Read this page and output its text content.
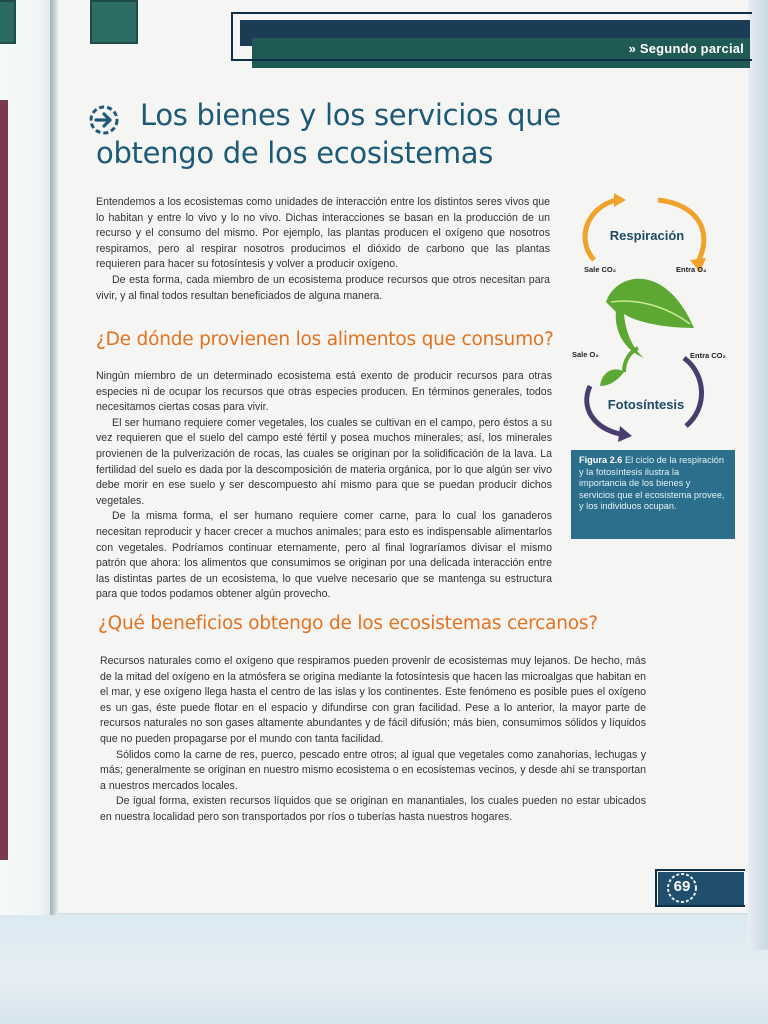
» Segundo parcial
Los bienes y los servicios que obtengo de los ecosistemas

Entendemos a los ecosistemas como unidades de interacción entre los distintos seres vivos que lo habitan y entre lo vivo y lo no vivo. Dichas interacciones se basan en la producción de un recurso y el consumo del mismo. Por ejemplo, las plantas producen el oxígeno que nosotros respiramos, pero al respirar nosotros producimos el dióxido de carbono que las plantas requieren para hacer su fotosíntesis y volver a producir oxígeno.

De esta forma, cada miembro de un ecosistema produce recursos que otros necesitan para vivir, y al final todos resultan beneficiados de alguna manera.

¿De dónde provienen los alimentos que consumo?

Ningún miembro de un determinado ecosistema está exento de producir recursos para otras especies ni de ocupar los recursos que otras especies producen. En términos generales, todos necesitamos ciertas cosas para vivir.

El ser humano requiere comer vegetales, los cuales se cultivan en el campo, pero éstos a su vez requieren que el suelo del campo esté fértil y posea muchos minerales; así, los minerales provienen de la pulverización de rocas, las cuales se originan por la solidificación de la lava. La fertilidad del suelo es dada por la descomposición de materia orgánica, por lo que algún ser vivo debe morir en ese suelo y ser descompuesto ahí mismo para que se puedan producir dichos vegetales.

De la misma forma, el ser humano requiere comer carne, para lo cual los ganaderos necesitan reproducir y hacer crecer a muchos animales; para esto es indispensable alimentarlos con vegetales. Podríamos continuar eternamente, pero al final lograríamos divisar el mismo patrón que ahora: los alimentos que consumimos se originan por una delicada interacción entre las distintas partes de un ecosistema, lo que vuelve necesario que se mantenga su estructura para que todos podamos obtener algún provecho.

¿Qué beneficios obtengo de los ecosistemas cercanos?

Recursos naturales como el oxígeno que respiramos pueden provenir de ecosistemas muy lejanos. De hecho, más de la mitad del oxígeno en la atmósfera se origina mediante la fotosíntesis que hacen las microalgas que habitan en el mar, y ese oxígeno llega hasta el centro de las islas y los continentes. Este fenómeno es posible pues el oxígeno es un gas, éste puede flotar en el espacio y difundirse con gran facilidad. Pese a lo anterior, la mayor parte de recursos naturales no son gases altamente abundantes y de fácil difusión; más bien, consumimos sólidos y líquidos que no pueden propagarse por el mundo con tanta facilidad.

Sólidos como la carne de res, puerco, pescado entre otros; al igual que vegetales como zanahorias, lechugas y más; generalmente se originan en nuestro mismo ecosistema o en ecosistemas vecinos, y desde ahí se transportan a nuestros mercados locales.

De igual forma, existen recursos líquidos que se originan en manantiales, los cuales pueden no estar ubicados en nuestra localidad pero son transportados por ríos o tuberías hasta nuestros hogares.

Respiración
Sale CO₂	Entra O₂
Sale O₂	Entra CO₂
Fotosíntesis
Figura 2.6 El ciclo de la respiración y la fotosíntesis ilustra la importancia de los bienes y servicios que el ecosistema provee, y los individuos ocupan.
69
